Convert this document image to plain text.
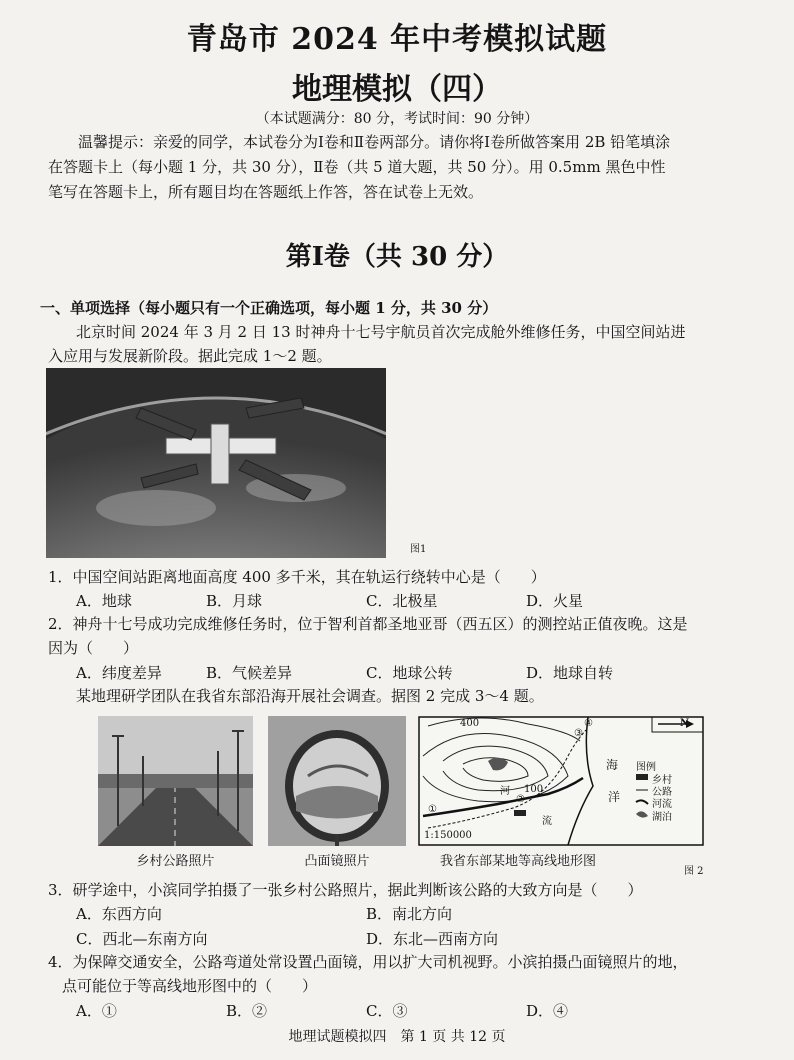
青岛市 2024 年中考模拟试题
地理模拟（四）
（本试题满分：80 分，考试时间：90 分钟）
温馨提示：亲爱的同学，本试卷分为Ⅰ卷和Ⅱ卷两部分。请你将Ⅰ卷所做答案用 2B 铅笔填涂
在答题卡上（每小题 1 分，共 30 分），Ⅱ卷（共 5 道大题，共 50 分）。用 0.5mm 黑色中性
笔写在答题卡上，所有题目均在答题纸上作答，答在试卷上无效。
第Ⅰ卷（共 30 分）
一、单项选择（每小题只有一个正确选项，每小题 1 分，共 30 分）
北京时间 2024 年 3 月 2 日 13 时神舟十七号宇航员首次完成舱外维修任务，中国空间站进
入应用与发展新阶段。据此完成 1～2 题。
图1
1．中国空间站距离地面高度 400 多千米，其在轨运行绕转中心是（　　）
A．地球	B．月球	C．北极星	D．火星
2．神舟十七号成功完成维修任务时，位于智利首都圣地亚哥（西五区）的测控站正值夜晚。这是
因为（　　）
A．纬度差异	B．气候差异	C．地球公转	D．地球自转
某地理研学团队在我省东部沿海开展社会调查。据图 2 完成 3～4 题。
乡村公路照片	凸面镜照片
400
100
①
②
③
④	N
海
洋
河
流
1:150000
图例
乡村
公路
河流
湖泊
我省东部某地等高线地形图
图 2
3．研学途中，小滨同学拍摄了一张乡村公路照片，据此判断该公路的大致方向是（　　）
A．东西方向	B．南北方向
C．西北—东南方向	D．东北—西南方向
4．为保障交通安全，公路弯道处常设置凸面镜，用以扩大司机视野。小滨拍摄凸面镜照片的地，
点可能位于等高线地形图中的（　　）
A．①	B．②	C．③	D．④
地理试题模拟四　第 1 页 共 12 页
